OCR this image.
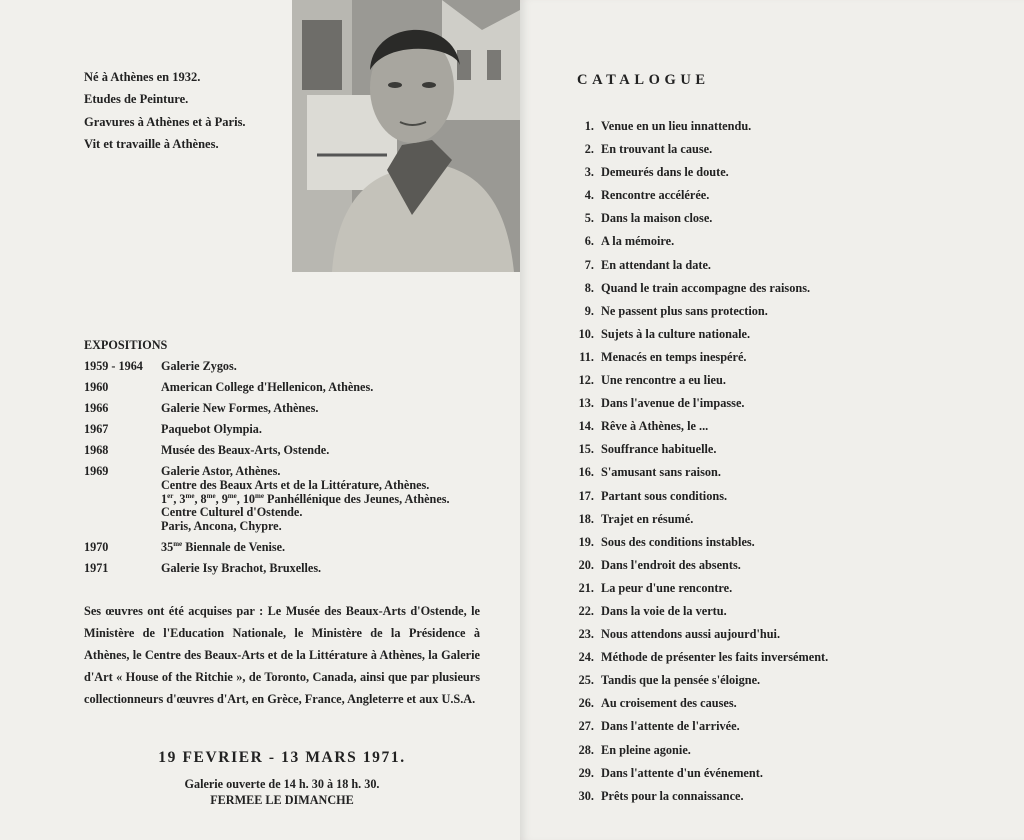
Né à Athènes en 1932.
Etudes de Peinture.
Gravures à Athènes et à Paris.
Vit et travaille à Athènes.
EXPOSITIONS
1959 - 1964	Galerie Zygos.
1960	American College d'Hellenicon, Athènes.
1966	Galerie New Formes, Athènes.
1967	Paquebot Olympia.
1968	Musée des Beaux-Arts, Ostende.
1969	Galerie Astor, Athènes.
Centre des Beaux Arts et de la Littérature, Athènes.
1er, $3^{me}$, $8^{me}$, $9^{me}$, $10^{me}$ Panhéllénique des Jeunes, Athènes.
Centre Culturel d'Ostende.
Paris, Ancona, Chypre.
1970	$35^{me}$ Biennale de Venise.
1971	Galerie Isy Brachot, Bruxelles.
Ses œuvres ont été acquises par : Le Musée des Beaux-Arts d'Ostende, le Ministère de l'Education Nationale, le Ministère de la Présidence à Athènes, le Centre des Beaux-Arts et de la Littérature à Athènes, la Galerie d'Art « House of the Ritchie », de Toronto, Canada, ainsi que par plusieurs collectionneurs d'œuvres d'Art, en Grèce, France, Angleterre et aux U.S.A.
19 FEVRIER - 13 MARS 1971.
Galerie ouverte de 14 h. 30 à 18 h. 30.
FERMEE LE DIMANCHE
CATALOGUE
1. Venue en un lieu innattendu.
2. En trouvant la cause.
3. Demeurés dans le doute.
4. Rencontre accélérée.
5. Dans la maison close.
6. A la mémoire.
7. En attendant la date.
8. Quand le train accompagne des raisons.
9. Ne passent plus sans protection.
10. Sujets à la culture nationale.
11. Menacés en temps inespéré.
12. Une rencontre a eu lieu.
13. Dans l'avenue de l'impasse.
14. Rêve à Athènes, le ...
15. Souffrance habituelle.
16. S'amusant sans raison.
17. Partant sous conditions.
18. Trajet en résumé.
19. Sous des conditions instables.
20. Dans l'endroit des absents.
21. La peur d'une rencontre.
22. Dans la voie de la vertu.
23. Nous attendons aussi aujourd'hui.
24. Méthode de présenter les faits inversément.
25. Tandis que la pensée s'éloigne.
26. Au croisement des causes.
27. Dans l'attente de l'arrivée.
28. En pleine agonie.
29. Dans l'attente d'un événement.
30. Prêts pour la connaissance.
